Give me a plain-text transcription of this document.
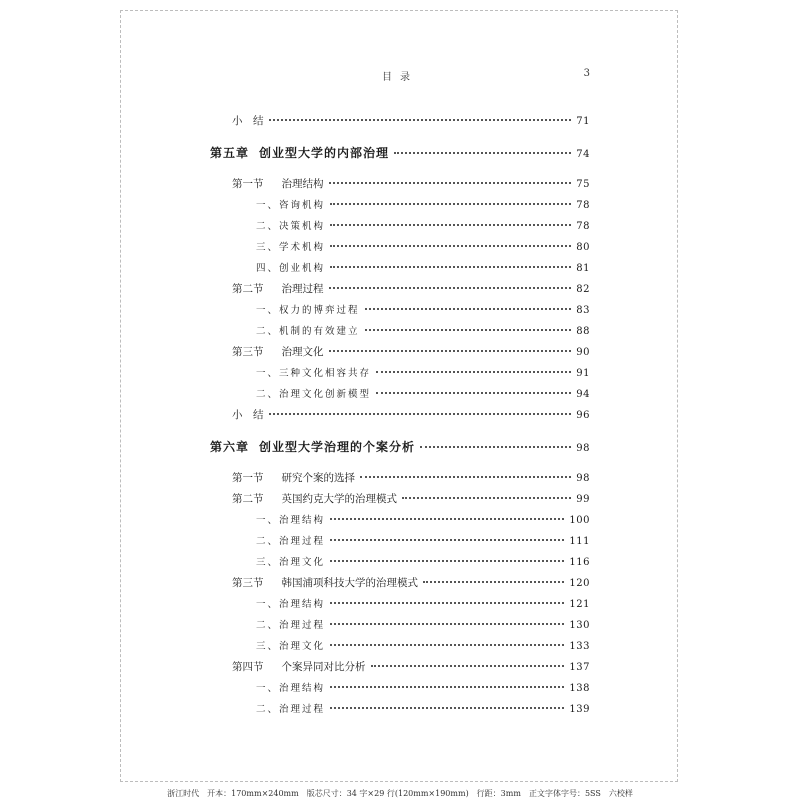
目录	3
小　结	71
第五章 创业型大学的内部治理	74
第一节 治理结构	75
一、咨询机构	78
二、决策机构	78
三、学术机构	80
四、创业机构	81
第二节 治理过程	82
一、权力的博弈过程	83
二、机制的有效建立	88
第三节 治理文化	90
一、三种文化相容共存	91
二、治理文化创新模型	94
小　结	96
第六章 创业型大学治理的个案分析	98
第一节 研究个案的选择	98
第二节 英国约克大学的治理模式	99
一、治理结构	100
二、治理过程	111
三、治理文化	116
第三节 韩国浦项科技大学的治理模式	120
一、治理结构	121
二、治理过程	130
三、治理文化	133
第四节 个案异同对比分析	137
一、治理结构	138
二、治理过程	139
浙江时代　开本：170mm×240mm　版芯尺寸：34 字×29 行(120mm×190mm)　行距：3mm　正文字体字号：5SS　六校样
